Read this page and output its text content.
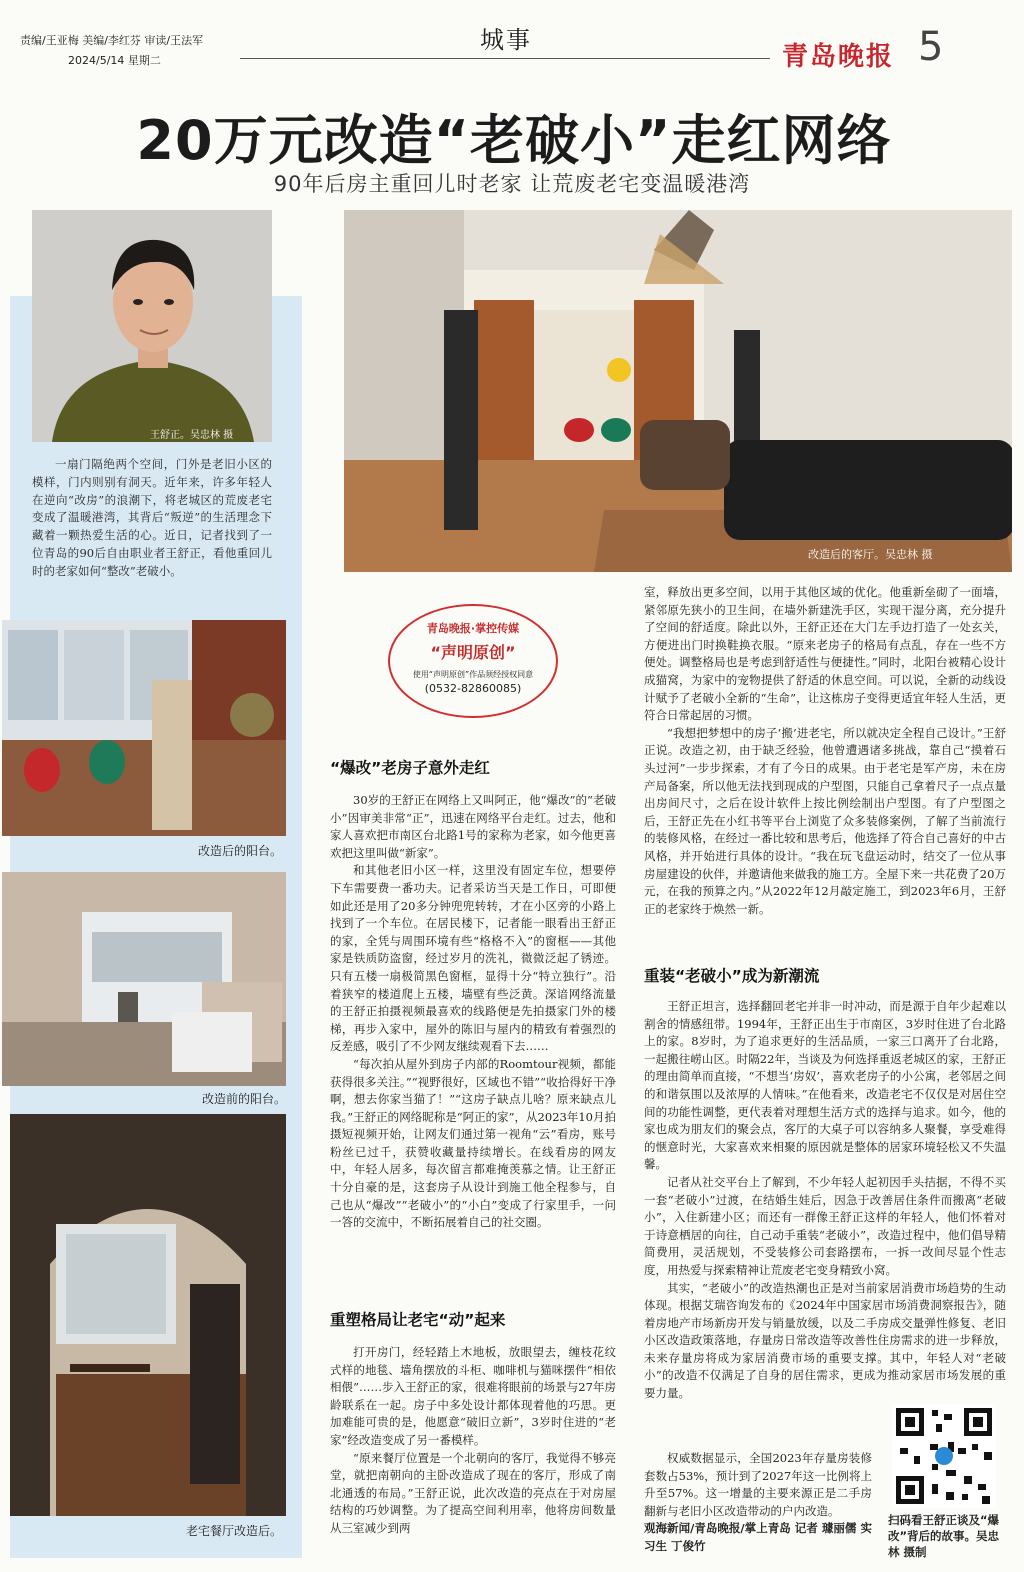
责编/王亚梅 美编/李红芬 审读/王法军
2024/5/14 星期二
城事
青岛晚报 5
20万元改造“老破小”走红网络
90年后房主重回儿时老家 让荒废老宅变温暖港湾
王舒正。吴忠林 摄

一扇门隔绝两个空间，门外是老旧小区的模样，门内则别有洞天。近年来，许多年轻人在逆向“改房”的浪潮下，将老城区的荒废老宅变成了温暖港湾，其背后“叛逆”的生活理念下藏着一颗热爱生活的心。近日，记者找到了一位青岛的90后自由职业者王舒正，看他重回儿时的老家如何“整改”老破小。

改造后的阳台。
改造前的阳台。
老宅餐厅改造后。
改造后的客厅。吴忠林 摄
青岛晚报·掌控传媒
“声明原创”
使用“声明原创”作品须经授权同意
(0532-82860085)
“爆改”老房子意外走红

30岁的王舒正在网络上又叫阿正，他“爆改”的“老破小”因审美非常“正”，迅速在网络平台走红。过去，他和家人喜欢把市南区台北路1号的家称为老家，如今他更喜欢把这里叫做“新家”。

和其他老旧小区一样，这里没有固定车位，想要停下车需要费一番功夫。记者采访当天是工作日，可即便如此还是用了20多分钟兜兜转转，才在小区旁的小路上找到了一个车位。在居民楼下，记者能一眼看出王舒正的家，全凭与周围环境有些“格格不入”的窗框——其他家是铁质防盗窗，经过岁月的洗礼，微微泛起了锈迹。只有五楼一扇极简黑色窗框，显得十分“特立独行”。沿着狭窄的楼道爬上五楼，墙壁有些泛黄。深谙网络流量的王舒正拍摄视频最喜欢的线路便是先拍摄家门外的楼梯，再步入家中，屋外的陈旧与屋内的精致有着强烈的反差感，吸引了不少网友继续观看下去……

“每次拍从屋外到房子内部的Roomtour视频，都能获得很多关注。”“视野很好，区域也不错”“收拾得好干净啊，想去你家当猫了！”“这房子缺点儿啥？原来缺点儿我。”王舒正的网络昵称是“阿正的家”，从2023年10月拍摄短视频开始，让网友们通过第一视角“云”看房，账号粉丝已过千，获赞收藏量持续增长。在线看房的网友中，年轻人居多，每次留言都难掩羡慕之情。让王舒正十分自豪的是，这套房子从设计到施工他全程参与，自己也从“爆改”“老破小”的“小白”变成了行家里手，一问一答的交流中，不断拓展着自己的社交圈。

重塑格局让老宅“动”起来

打开房门，经轻踏上木地板，放眼望去，缠枝花纹式样的地毯、墙角摆放的斗柜、咖啡机与猫咪摆件“相依相偎”……步入王舒正的家，很难将眼前的场景与27年房龄联系在一起。房子中多处设计都体现着他的巧思。更加难能可贵的是，他愿意“破旧立新”，3岁时住进的“老家”经改造变成了另一番模样。

“原来餐厅位置是一个北朝向的客厅，我觉得不够亮堂，就把南朝向的主卧改造成了现在的客厅，形成了南北通透的布局。”王舒正说，此次改造的亮点在于对房屋结构的巧妙调整。为了提高空间利用率，他将房间数量从三室减少到两

室，释放出更多空间，以用于其他区域的优化。他重新垒砌了一面墙，紧邻原先狭小的卫生间，在墙外新建洗手区，实现干湿分离，充分提升了空间的舒适度。除此以外，王舒正还在大门左手边打造了一处玄关，方便进出门时换鞋换衣服。“原来老房子的格局有点乱，存在一些不方便处。调整格局也是考虑到舒适性与便捷性。”同时，北阳台被精心设计成猫窝，为家中的宠物提供了舒适的休息空间。可以说，全新的动线设计赋予了老破小全新的“生命”，让这栋房子变得更适宜年轻人生活，更符合日常起居的习惯。

“我想把梦想中的房子‘搬’进老宅，所以就决定全程自己设计。”王舒正说。改造之初，由于缺乏经验，他曾遭遇诸多挑战，靠自己“摸着石头过河”一步步探索，才有了今日的成果。由于老宅是军产房，未在房产局备案，所以他无法找到现成的户型图，只能自己拿着尺子一点点量出房间尺寸，之后在设计软件上按比例绘制出户型图。有了户型图之后，王舒正先在小红书等平台上浏览了众多装修案例，了解了当前流行的装修风格，在经过一番比较和思考后，他选择了符合自己喜好的中古风格，并开始进行具体的设计。“我在玩飞盘运动时，结交了一位从事房屋建设的伙伴，并邀请他来做我的施工方。全屋下来一共花费了20万元，在我的预算之内。”从2022年12月敲定施工，到2023年6月，王舒正的老家终于焕然一新。

重装“老破小”成为新潮流

王舒正坦言，选择翻回老宅并非一时冲动，而是源于自年少起难以割舍的情感纽带。1994年，王舒正出生于市南区，3岁时住进了台北路上的家。8岁时，为了追求更好的生活品质，一家三口离开了台北路，一起搬往崂山区。时隔22年，当谈及为何选择重返老城区的家，王舒正的理由简单而直接，“不想当‘房奴’，喜欢老房子的小公寓，老邻居之间的和谐氛围以及浓厚的人情味。”在他看来，改造老宅不仅仅是对居住空间的功能性调整，更代表着对理想生活方式的选择与追求。如今，他的家也成为朋友们的聚会点，客厅的大桌子可以容纳多人聚餐，享受难得的惬意时光，大家喜欢来相聚的原因就是整体的居家环境轻松又不失温馨。

记者从社交平台上了解到，不少年轻人起初因手头拮据，不得不买一套“老破小”过渡，在结婚生娃后，因急于改善居住条件而搬离“老破小”，入住新建小区；而还有一群像王舒正这样的年轻人，他们怀着对于诗意栖居的向往，自己动手重装“老破小”，改造过程中，他们倡导精简费用，灵活规划，不受装修公司套路摆布，一拆一改间尽显个性志度，用热爱与探索精神让荒废老宅变身精致小窝。

其实，“老破小”的改造热潮也正是对当前家居消费市场趋势的生动体现。根据艾瑞咨询发布的《2024年中国家居市场消费洞察报告》，随着房地产市场新房开发与销量放缓，以及二手房成交量弹性修复、老旧小区改造政策落地，存量房日常改造等改善性住房需求的进一步释放，未来存量房将成为家居消费市场的重要支撑。其中，年轻人对“老破小”的改造不仅满足了自身的居住需求，更成为推动家居市场发展的重要力量。

权威数据显示，全国2023年存量房装修套数占53%，预计到了2027年这一比例将上升至57%。这一增量的主要来源正是二手房翻新与老旧小区改造带动的户内改造。

观海新闻/青岛晚报/掌上青岛 记者 璩丽儒 实习生 丁俊竹
扫码看王舒正谈及“爆改”背后的故事。吴忠林 摄制
